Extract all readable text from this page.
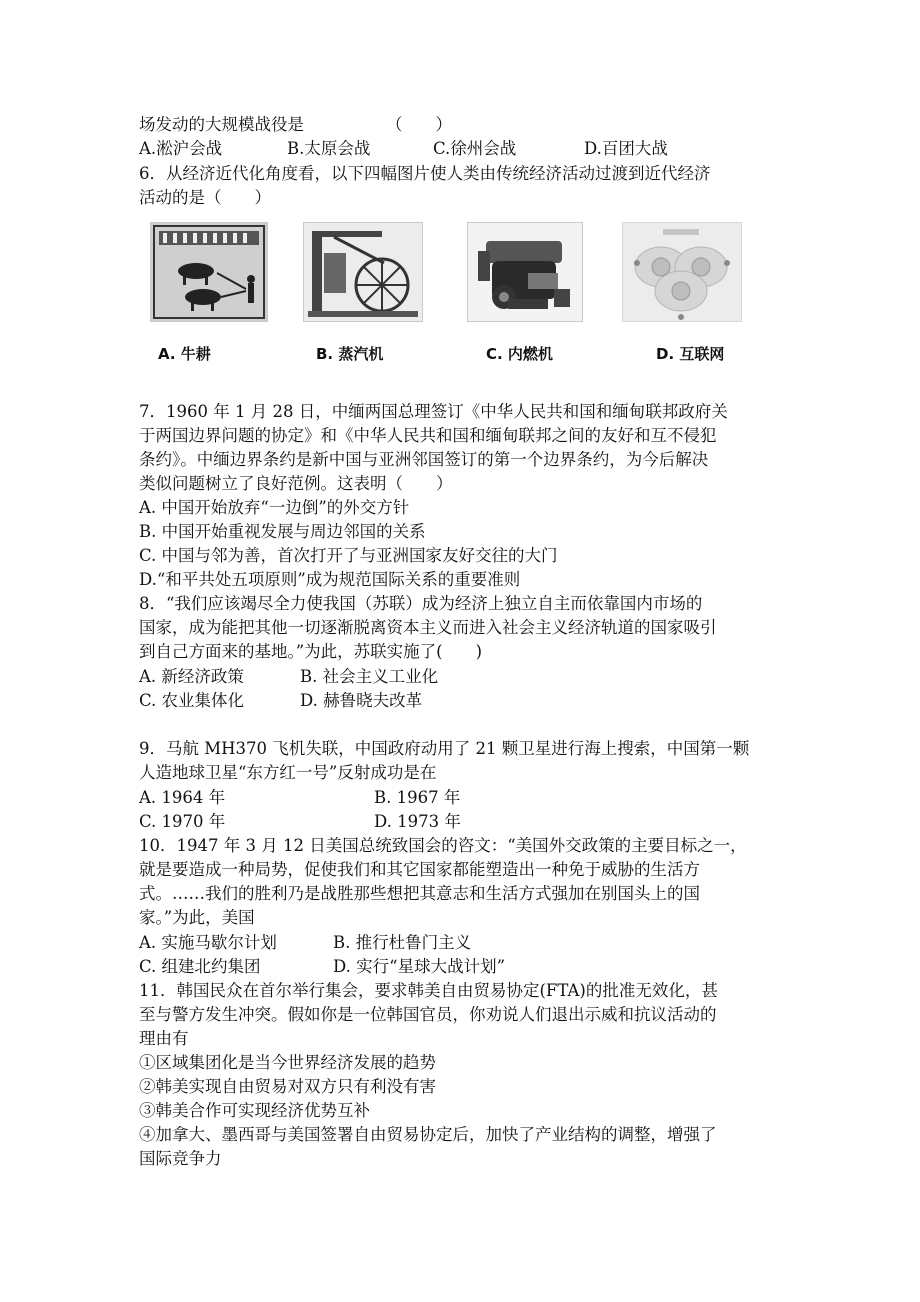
场发动的大规模战役是	（　　）
A.淞沪会战	B.太原会战	C.徐州会战	D.百团大战
6．从经济近代化角度看，以下四幅图片使人类由传统经济活动过渡到近代经济
活动的是（　　）
A. 牛耕	B. 蒸汽机	C. 内燃机	D. 互联网
7．1960 年 1 月 28 日，中缅两国总理签订《中华人民共和国和缅甸联邦政府关
于两国边界问题的协定》和《中华人民共和国和缅甸联邦之间的友好和互不侵犯
条约》。中缅边界条约是新中国与亚洲邻国签订的第一个边界条约，为今后解决
类似问题树立了良好范例。这表明（　　）
A. 中国开始放弃“一边倒”的外交方针
B. 中国开始重视发展与周边邻国的关系
C. 中国与邻为善，首次打开了与亚洲国家友好交往的大门
D.“和平共处五项原则”成为规范国际关系的重要准则
8．“我们应该竭尽全力使我国（苏联）成为经济上独立自主而依靠国内市场的
国家，成为能把其他一切逐渐脱离资本主义而进入社会主义经济轨道的国家吸引
到自己方面来的基地。”为此，苏联实施了(　　)
A. 新经济政策	B. 社会主义工业化
C. 农业集体化	D. 赫鲁晓夫改革
9．马航 MH370 飞机失联，中国政府动用了 21 颗卫星进行海上搜索，中国第一颗
人造地球卫星“东方红一号”反射成功是在
A. 1964 年	B. 1967 年
C. 1970 年	D. 1973 年
10．1947 年 3 月 12 日美国总统致国会的咨文：“美国外交政策的主要目标之一，
就是要造成一种局势，促使我们和其它国家都能塑造出一种免于威胁的生活方
式。……我们的胜利乃是战胜那些想把其意志和生活方式强加在别国头上的国
家。”为此，美国
A. 实施马歇尔计划	B. 推行杜鲁门主义
C. 组建北约集团	D. 实行“星球大战计划”
11．韩国民众在首尔举行集会，要求韩美自由贸易协定(FTA)的批准无效化，甚
至与警方发生冲突。假如你是一位韩国官员，你劝说人们退出示威和抗议活动的
理由有
①区域集团化是当今世界经济发展的趋势
②韩美实现自由贸易对双方只有利没有害
③韩美合作可实现经济优势互补
④加拿大、墨西哥与美国签署自由贸易协定后，加快了产业结构的调整，增强了
国际竞争力
